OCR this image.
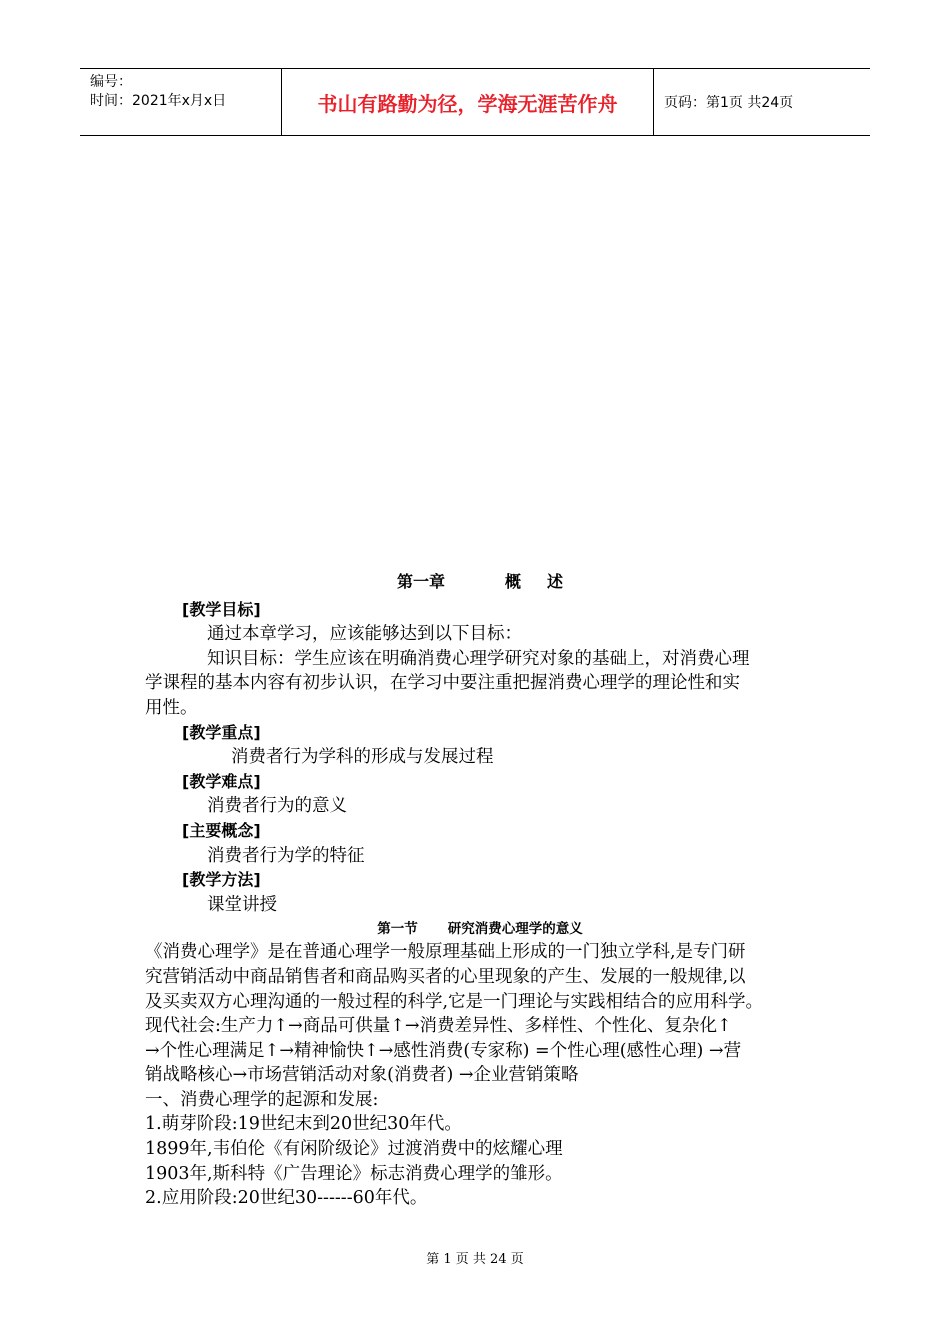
编号：
时间：2021年x月x日	书山有路勤为径，学海无涯苦作舟	页码：第1页 共24页
第一章	概 述
[教学目标]
通过本章学习，应该能够达到以下目标：
知识目标：学生应该在明确消费心理学研究对象的基础上，对消费心理
学课程的基本内容有初步认识，在学习中要注重把握消费心理学的理论性和实
用性。
[教学重点]
消费者行为学科的形成与发展过程
[教学难点]
消费者行为的意义
[主要概念]
消费者行为学的特征
[教学方法]
课堂讲授
第一节 研究消费心理学的意义
《消费心理学》是在普通心理学一般原理基础上形成的一门独立学科,是专门研
究营销活动中商品销售者和商品购买者的心里现象的产生、发展的一般规律,以
及买卖双方心理沟通的一般过程的科学,它是一门理论与实践相结合的应用科学。
现代社会:生产力↑→商品可供量↑→消费差异性、多样性、个性化、复杂化↑
→个性心理满足↑→精神愉快↑→感性消费(专家称) =个性心理(感性心理) →营
销战略核心→市场营销活动对象(消费者) →企业营销策略
一、消费心理学的起源和发展:
1.萌芽阶段:19世纪末到20世纪30年代。
1899年,韦伯伦《有闲阶级论》过渡消费中的炫耀心理
1903年,斯科特《广告理论》标志消费心理学的雏形。
2.应用阶段:20世纪30------60年代。
第 1 页 共 24 页
